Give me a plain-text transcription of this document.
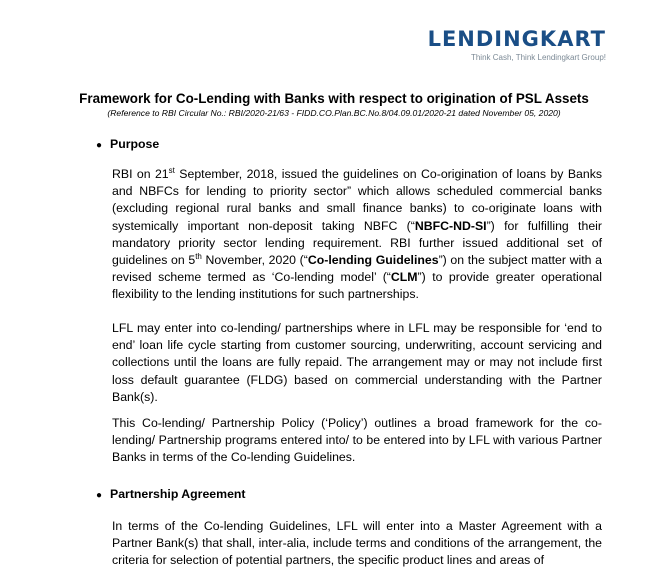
LENDINGKART
Think Cash, Think Lendingkart Group!
Framework for Co-Lending with Banks with respect to origination of PSL Assets
(Reference to RBI Circular No.: RBI/2020-21/63 - FIDD.CO.Plan.BC.No.8/04.09.01/2020-21 dated November 05, 2020)
● Purpose

RBI on 21st September, 2018, issued the guidelines on Co-origination of loans by Banks and NBFCs for lending to priority sector” which allows scheduled commercial banks (excluding regional rural banks and small finance banks) to co-originate loans with systemically important non-deposit taking NBFC (“NBFC-ND-SI”) for fulfilling their mandatory priority sector lending requirement. RBI further issued additional set of guidelines on 5th November, 2020 (“Co-lending Guidelines”) on the subject matter with a revised scheme termed as ‘Co-lending model’ (“CLM”) to provide greater operational flexibility to the lending institutions for such partnerships.

LFL may enter into co-lending/ partnerships where in LFL may be responsible for ‘end to end’ loan life cycle starting from customer sourcing, underwriting, account servicing and collections until the loans are fully repaid. The arrangement may or may not include first loss default guarantee (FLDG) based on commercial understanding with the Partner Bank(s).

This Co-lending/ Partnership Policy (‘Policy’) outlines a broad framework for the co-lending/ Partnership programs entered into/ to be entered into by LFL with various Partner Banks in terms of the Co-lending Guidelines.

● Partnership Agreement

In terms of the Co-lending Guidelines, LFL will enter into a Master Agreement with a Partner Bank(s) that shall, inter-alia, include terms and conditions of the arrangement, the criteria for selection of potential partners, the specific product lines and areas of
